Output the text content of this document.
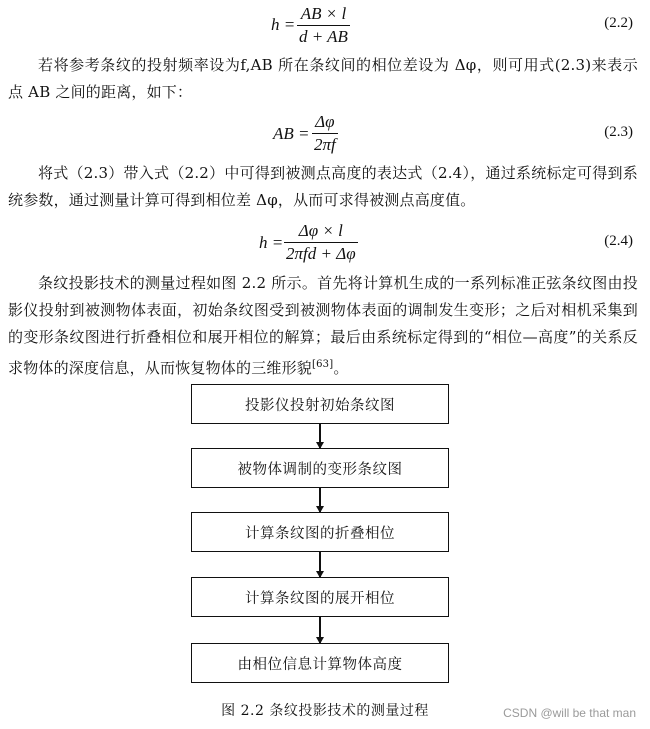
h =
AB × l
d + AB
(2.2)
若将参考条纹的投射频率设为f,AB 所在条纹间的相位差设为 Δφ，则可用式(2.3)来表示点 AB 之间的距离，如下：
AB =
Δφ
2πf
(2.3)
将式（2.3）带入式（2.2）中可得到被测点高度的表达式（2.4），通过系统标定可得到系统参数，通过测量计算可得到相位差 Δφ，从而可求得被测点高度值。
h =
Δφ × l
2πfd + Δφ
(2.4)
条纹投影技术的测量过程如图 2.2 所示。首先将计算机生成的一系列标准正弦条纹图由投影仪投射到被测物体表面，初始条纹图受到被测物体表面的调制发生变形；之后对相机采集到的变形条纹图进行折叠相位和展开相位的解算；最后由系统标定得到的“相位—高度”的关系反求物体的深度信息，从而恢复物体的三维形貌[63]。
投影仪投射初始条纹图
被物体调制的变形条纹图
计算条纹图的折叠相位
计算条纹图的展开相位
由相位信息计算物体高度
图 2.2 条纹投影技术的测量过程	CSDN @will be that man
